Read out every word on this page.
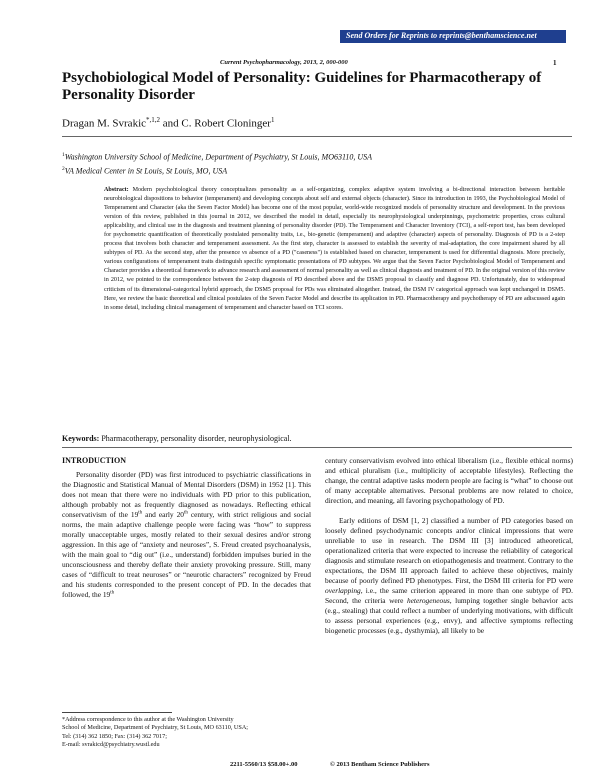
Send Orders for Reprints to reprints@benthamscience.net
Current Psychopharmacology, 2013, 2, 000-000	1
Psychobiological Model of Personality: Guidelines for Pharmacotherapy of Personality Disorder
Dragan M. Svrakic$^{*,1,2}$ and C. Robert Cloninger$^1$
$^1$Washington University School of Medicine, Department of Psychiatry, St Louis, MO63110, USA
$^2$VA Medical Center in St Louis, St Louis, MO, USA
Abstract: Modern psychobiological theory conceptualizes personality as a self-organizing, complex adaptive system involving a bi-directional interaction between heritable neurobiological dispositions to behavior (temperament) and developing concepts about self and external objects (character). Since its introduction in 1993, the Psychobiological Model of Temperament and Character (aka the Seven Factor Model) has become one of the most popular, world-wide recognized models of personality structure and development. In the previous version of this review, published in this journal in 2012, we described the model in detail, especially its neurophysiological underpinnings, psychometric properties, cross cultural applicability, and clinical use in the diagnosis and treatment planning of personality disorder (PD). The Temperament and Character Inventory (TCI), a self-report test, has been developed for psychometric quantification of theoretically postulated personality traits, i.e., bio-genetic (temperament) and adaptive (character) aspects of personality. Diagnosis of PD is a 2-step process that involves both character and temperament assessment. As the first step, character is assessed to establish the severity of mal-adaptation, the core impairment shared by all subtypes of PD. As the second step, after the presence vs absence of a PD ("caseness") is established based on character, temperament is used for differential diagnosis. More precisely, various configurations of temperament traits distinguish specific symptomatic presentations of PD subtypes. We argue that the Seven Factor Psychobiological Model of Temperament and Character provides a theoretical framework to advance research and assessment of normal personality as well as clinical diagnosis and treatment of PD. In the original version of this review in 2012, we pointed to the correspondence between the 2-step diagnosis of PD described above and the DSM5 proposal to classify and diagnose PD. Unfortunately, due to widespread criticism of its dimensional-categorical hybrid approach, the DSM5 proposal for PDs was eliminated altogether. Instead, the DSM IV categorical approach was kept unchanged in DSM5. Here, we review the basic theoretical and clinical postulates of the Seven Factor Model and describe its application in PD. Pharmacotherapy and psychotherapy of PD are adiscussed again in some detail, including clinical management of temperament and character based on TCI scores.
Keywords: Pharmacotherapy, personality disorder, neurophysiological.
INTRODUCTION

Personality disorder (PD) was first introduced to psychiatric classifications in the Diagnostic and Statistical Manual of Mental Disorders (DSM) in 1952 [1]. This does not mean that there were no individuals with PD prior to this publication, although probably not as frequently diagnosed as nowadays. Reflecting ethical conservativism of the 19th and early 20th century, with strict religious and social norms, the main adaptive challenge people were facing was “how” to suppress morally unacceptable urges, mostly related to their sexual desires and/or strong aggression. In this age of “anxiety and neuroses”, S. Freud created psychoanalysis, with the main goal to “dig out” (i.e., understand) forbidden impulses buried in the unconsciousness and thereby deflate their anxiety provoking pressure. Still, many cases of “difficult to treat neuroses” or “neurotic characters” recognized by Freud and his students corresponded to the present concept of PD. In the decades that followed, the 19th

century conservativism evolved into ethical liberalism (i.e., flexible ethical norms) and ethical pluralism (i.e., multiplicity of acceptable lifestyles). Reflecting the change, the central adaptive tasks modern people are facing is “what” to choose out of many acceptable alternatives. Personal problems are now related to choice, direction, and meaning, all favoring psychopathology of PD.

Early editions of DSM [1, 2] classified a number of PD categories based on loosely defined psychodynamic concepts and/or clinical impressions that were unreliable to use in research. The DSM III [3] introduced atheoretical, operationalized criteria that were expected to increase the reliability of categorical diagnosis and stimulate research on etiopathogenesis and treatment. Contrary to the expectations, the DSM III approach failed to achieve these objectives, mainly because of poorly defined PD phenotypes. First, the DSM III criteria for PD were overlapping, i.e., the same criterion appeared in more than one subtype of PD. Second, the criteria were heterogeneous, lumping together single behavior acts (e.g., stealing) that could reflect a number of underlying motivations, with difficult to assess personal experiences (e.g., envy), and affective symptoms reflecting biogenetic processes (e.g., dysthymia), all likely to be

*Address correspondence to this author at the Washington University
School of Medicine, Department of Psychiatry, St Louis, MO 63110, USA;
Tel: (314) 362 1850; Fax: (314) 362 7017;
E-mail: svrakicd@psychiatry.wustl.edu
2211-5560/13 $58.00+.00	© 2013 Bentham Science Publishers
